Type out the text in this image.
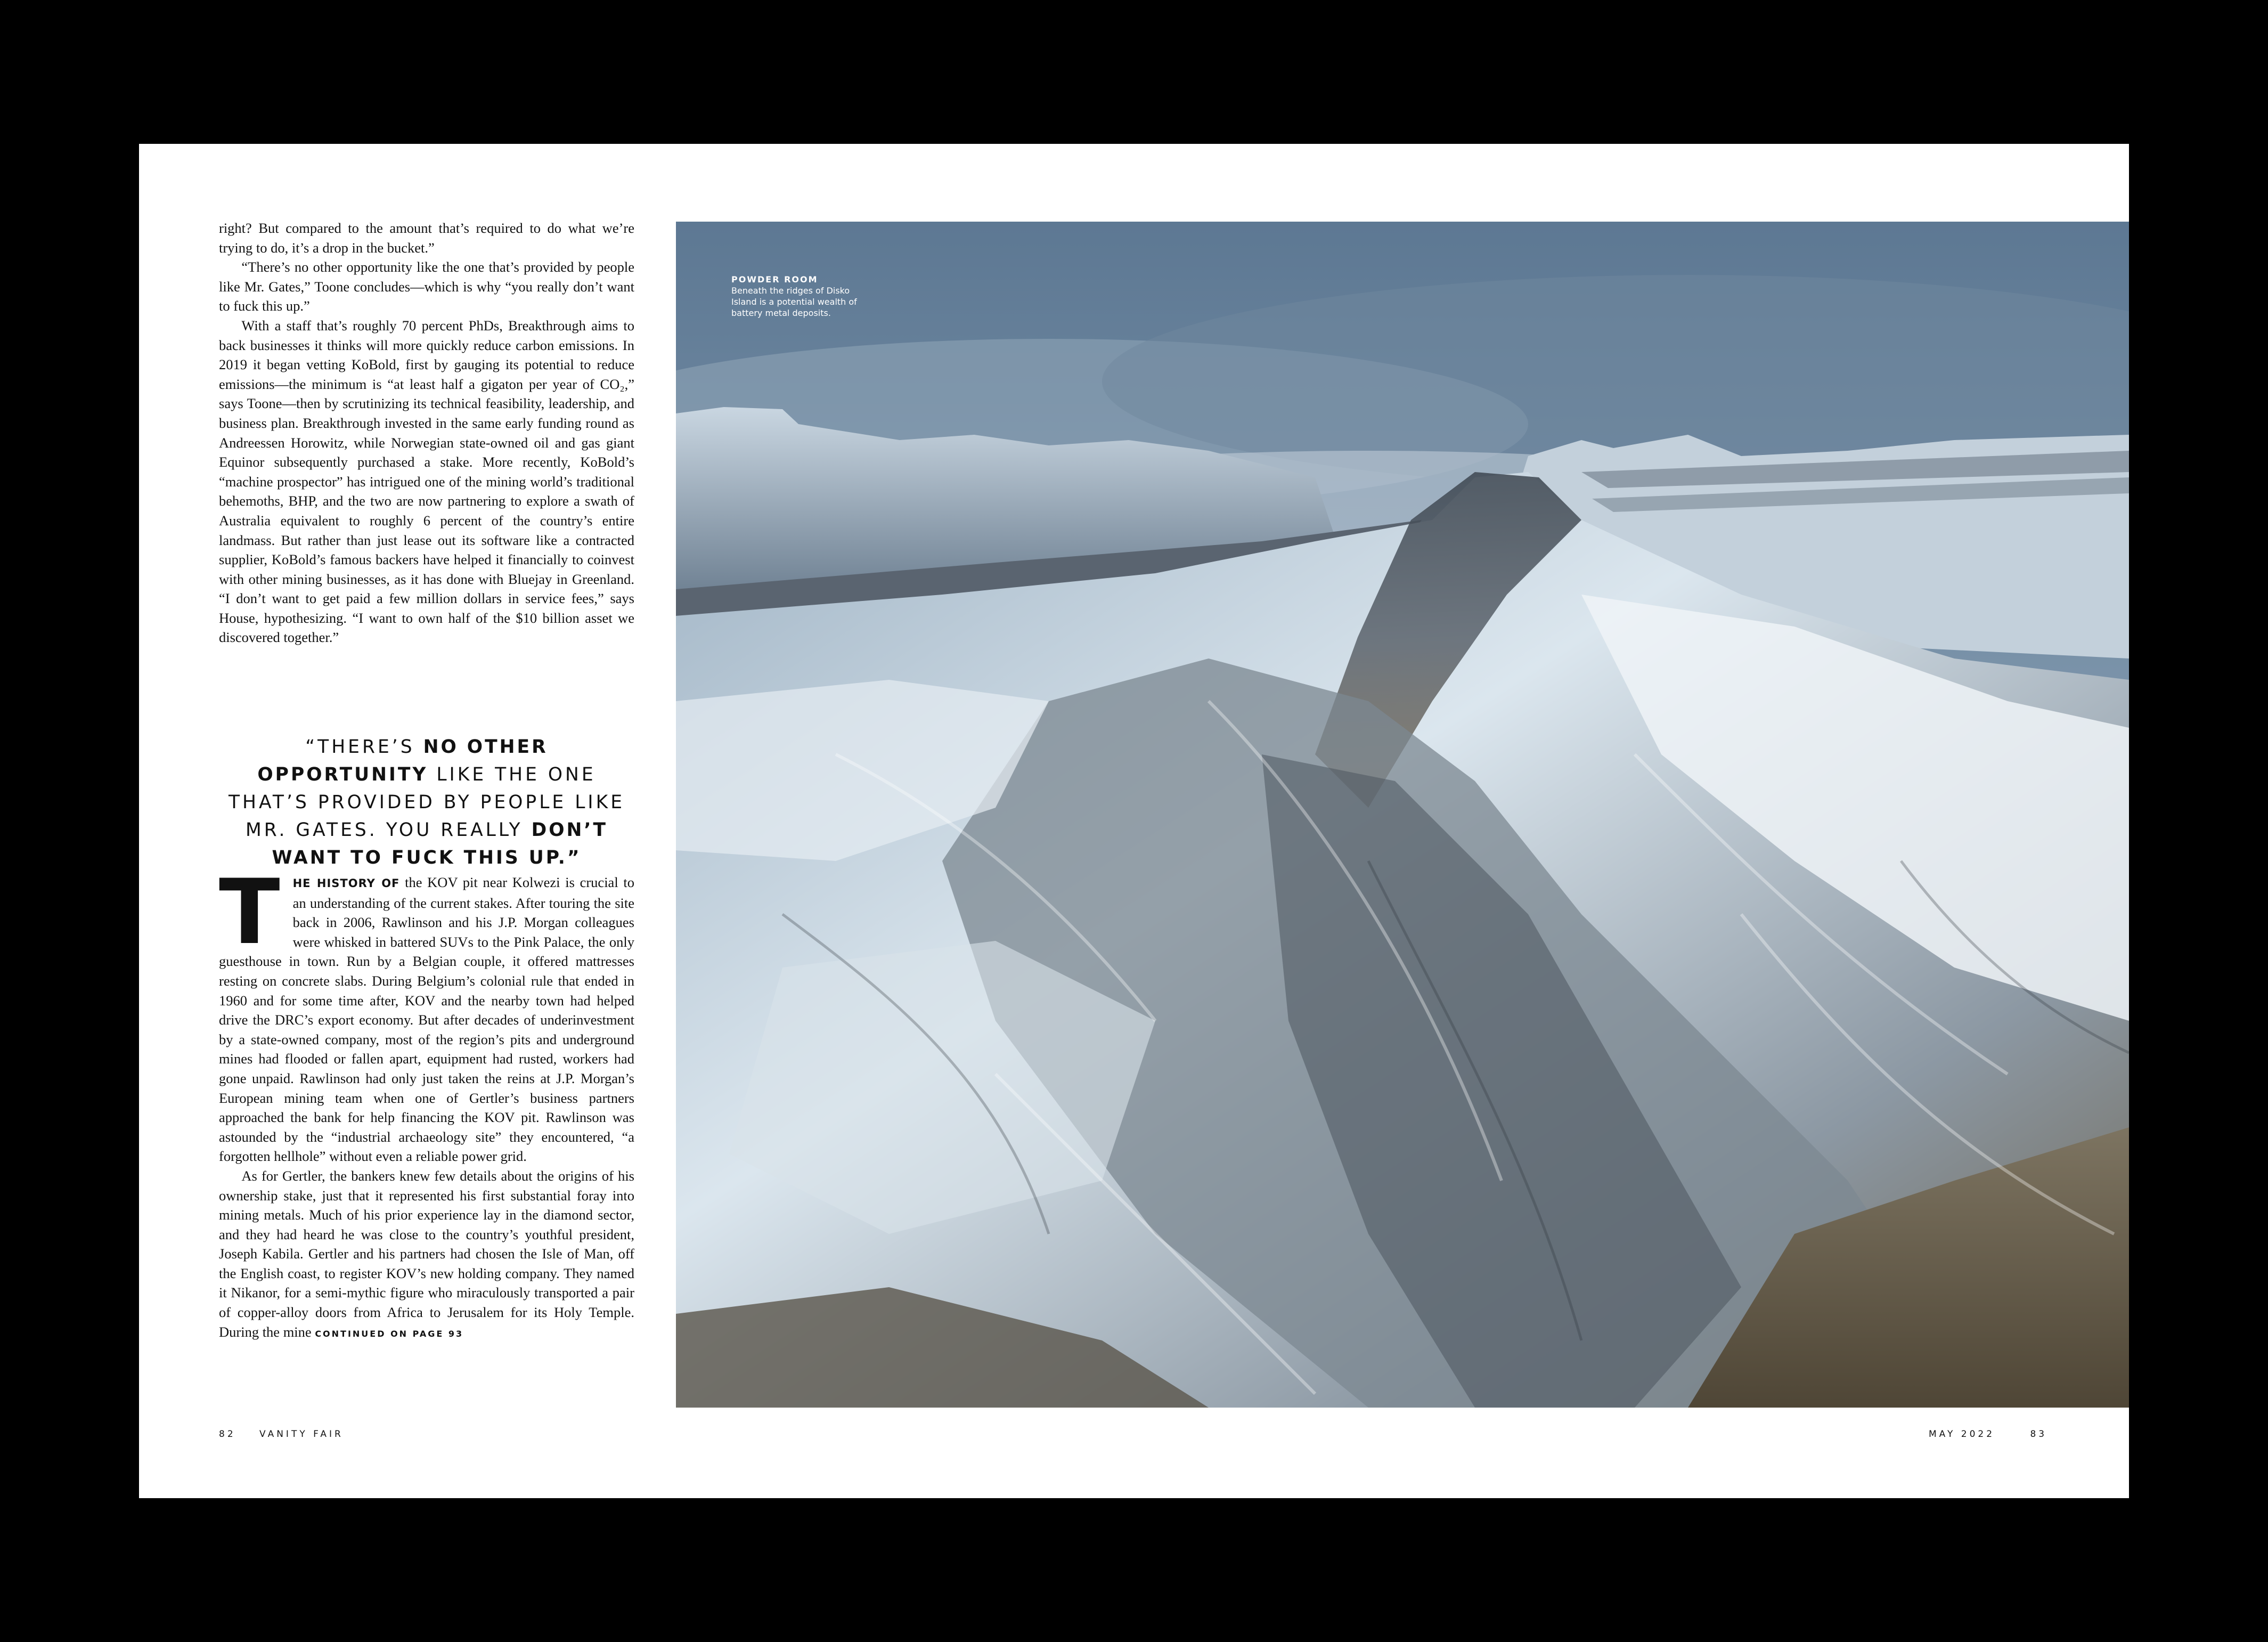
right? But compared to the amount that’s required to do what we’re trying to do, it’s a drop in the bucket.”

“There’s no other opportunity like the one that’s provided by people like Mr. Gates,” Toone concludes—which is why “you really don’t want to fuck this up.”

With a staff that’s roughly 70 percent PhDs, Breakthrough aims to back businesses it thinks will more quickly reduce carbon emissions. In 2019 it began vetting KoBold, first by gauging its potential to reduce emissions—the minimum is “at least half a gigaton per year of CO₂,” says Toone—then by scrutinizing its technical feasibility, leadership, and business plan. Breakthrough invested in the same early funding round as Andreessen Horowitz, while Norwegian state-owned oil and gas giant Equinor subsequently purchased a stake. More recently, KoBold’s “machine prospector” has intrigued one of the mining world’s traditional behemoths, BHP, and the two are now partnering to explore a swath of Australia equivalent to roughly 6 percent of the country’s entire landmass. But rather than just lease out its software like a contracted supplier, KoBold’s famous backers have helped it financially to coinvest with other mining businesses, as it has done with Bluejay in Greenland. “I don’t want to get paid a few million dollars in service fees,” says House, hypothesizing. “I want to own half of the $10 billion asset we discovered together.”

“THERE’S NO OTHER OPPORTUNITY LIKE THE ONE THAT’S PROVIDED BY PEOPLE LIKE MR. GATES. YOU REALLY DON’T WANT TO FUCK THIS UP.”

T HE HISTORY OF the KOV pit near Kolwezi is crucial to an understanding of the current stakes. After touring the site back in 2006, Rawlinson and his J.P. Morgan colleagues were whisked in battered SUVs to the Pink Palace, the only guesthouse in town. Run by a Belgian couple, it offered mattresses resting on concrete slabs. During Belgium’s colonial rule that ended in 1960 and for some time after, KOV and the nearby town had helped drive the DRC’s export economy. But after decades of underinvestment by a state-owned company, most of the region’s pits and underground mines had flooded or fallen apart, equipment had rusted, workers had gone unpaid. Rawlinson had only just taken the reins at J.P. Morgan’s European mining team when one of Gertler’s business partners approached the bank for help financing the KOV pit. Rawlinson was astounded by the “industrial archaeology site” they encountered, “a forgotten hellhole” without even a reliable power grid.

As for Gertler, the bankers knew few details about the origins of his ownership stake, just that it represented his first substantial foray into mining metals. Much of his prior experience lay in the diamond sector, and they had heard he was close to the country’s youthful president, Joseph Kabila. Gertler and his partners had chosen the Isle of Man, off the English coast, to register KOV’s new holding company. They named it Nikanor, for a semi-mythic figure who miraculously transported a pair of copper-alloy doors from Africa to Jerusalem for its Holy Temple. During the mine CONTINUED ON PAGE 93

82	VANITY FAIR
POWDER ROOM
Beneath the ridges of Disko Island is a potential wealth of battery metal deposits.
MAY 2022	83
